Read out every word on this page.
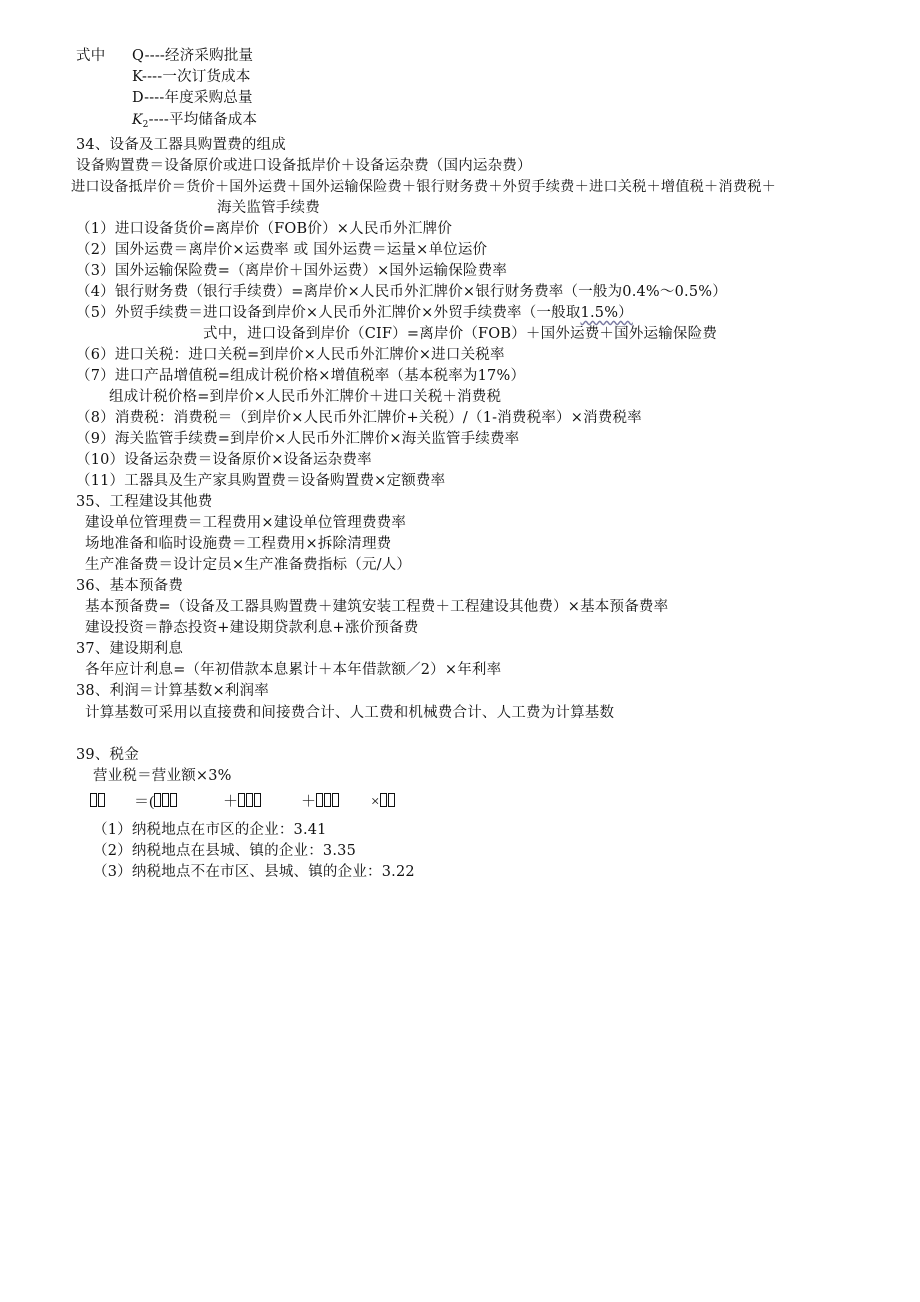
式中 Q----经济采购批量
K----一次订货成本
D----年度采购总量
$K_2----$平均储备成本
34、设备及工器具购置费的组成
设备购置费＝设备原价或进口设备抵岸价＋设备运杂费（国内运杂费）
进口设备抵岸价＝货价＋国外运费＋国外运输保险费＋银行财务费＋外贸手续费＋进口关税＋增值税＋消费税＋
海关监管手续费
（1）进口设备货价=离岸价（FOB价）×人民币外汇牌价
（2）国外运费＝离岸价×运费率 或 国外运费＝运量×单位运价
（3）国外运输保险费=（离岸价＋国外运费）×国外运输保险费率
（4）银行财务费（银行手续费）=离岸价×人民币外汇牌价×银行财务费率（一般为0.4%～0.5%）
（5）外贸手续费＝进口设备到岸价×人民币外汇牌价×外贸手续费率（一般取1.5%）
式中，进口设备到岸价（CIF）=离岸价（FOB）＋国外运费＋国外运输保险费
（6）进口关税：进口关税=到岸价×人民币外汇牌价×进口关税率
（7）进口产品增值税=组成计税价格×增值税率（基本税率为17%）
组成计税价格=到岸价×人民币外汇牌价＋进口关税＋消费税
（8）消费税：消费税＝（到岸价×人民币外汇牌价+关税）/（1-消费税率）×消费税率
（9）海关监管手续费=到岸价×人民币外汇牌价×海关监管手续费率
（10）设备运杂费＝设备原价×设备运杂费率
（11）工器具及生产家具购置费＝设备购置费×定额费率
35、工程建设其他费
建设单位管理费＝工程费用×建设单位管理费费率
场地准备和临时设施费＝工程费用×拆除清理费
生产准备费＝设计定员×生产准备费指标（元/人）
36、基本预备费
基本预备费=（设备及工器具购置费＋建筑安装工程费＋工程建设其他费）×基本预备费率
建设投资＝静态投资+建设期贷款利息+涨价预备费
37、建设期利息
各年应计利息=（年初借款本息累计＋本年借款额／2）×年利率
38、利润＝计算基数×利润率
计算基数可采用以直接费和间接费合计、人工费和机械费合计、人工费为计算基数
39、税金
营业税＝营业额×3%
＝(	＋	＋	×
（1）纳税地点在市区的企业：3.41
（2）纳税地点在县城、镇的企业：3.35
（3）纳税地点不在市区、县城、镇的企业：3.22
